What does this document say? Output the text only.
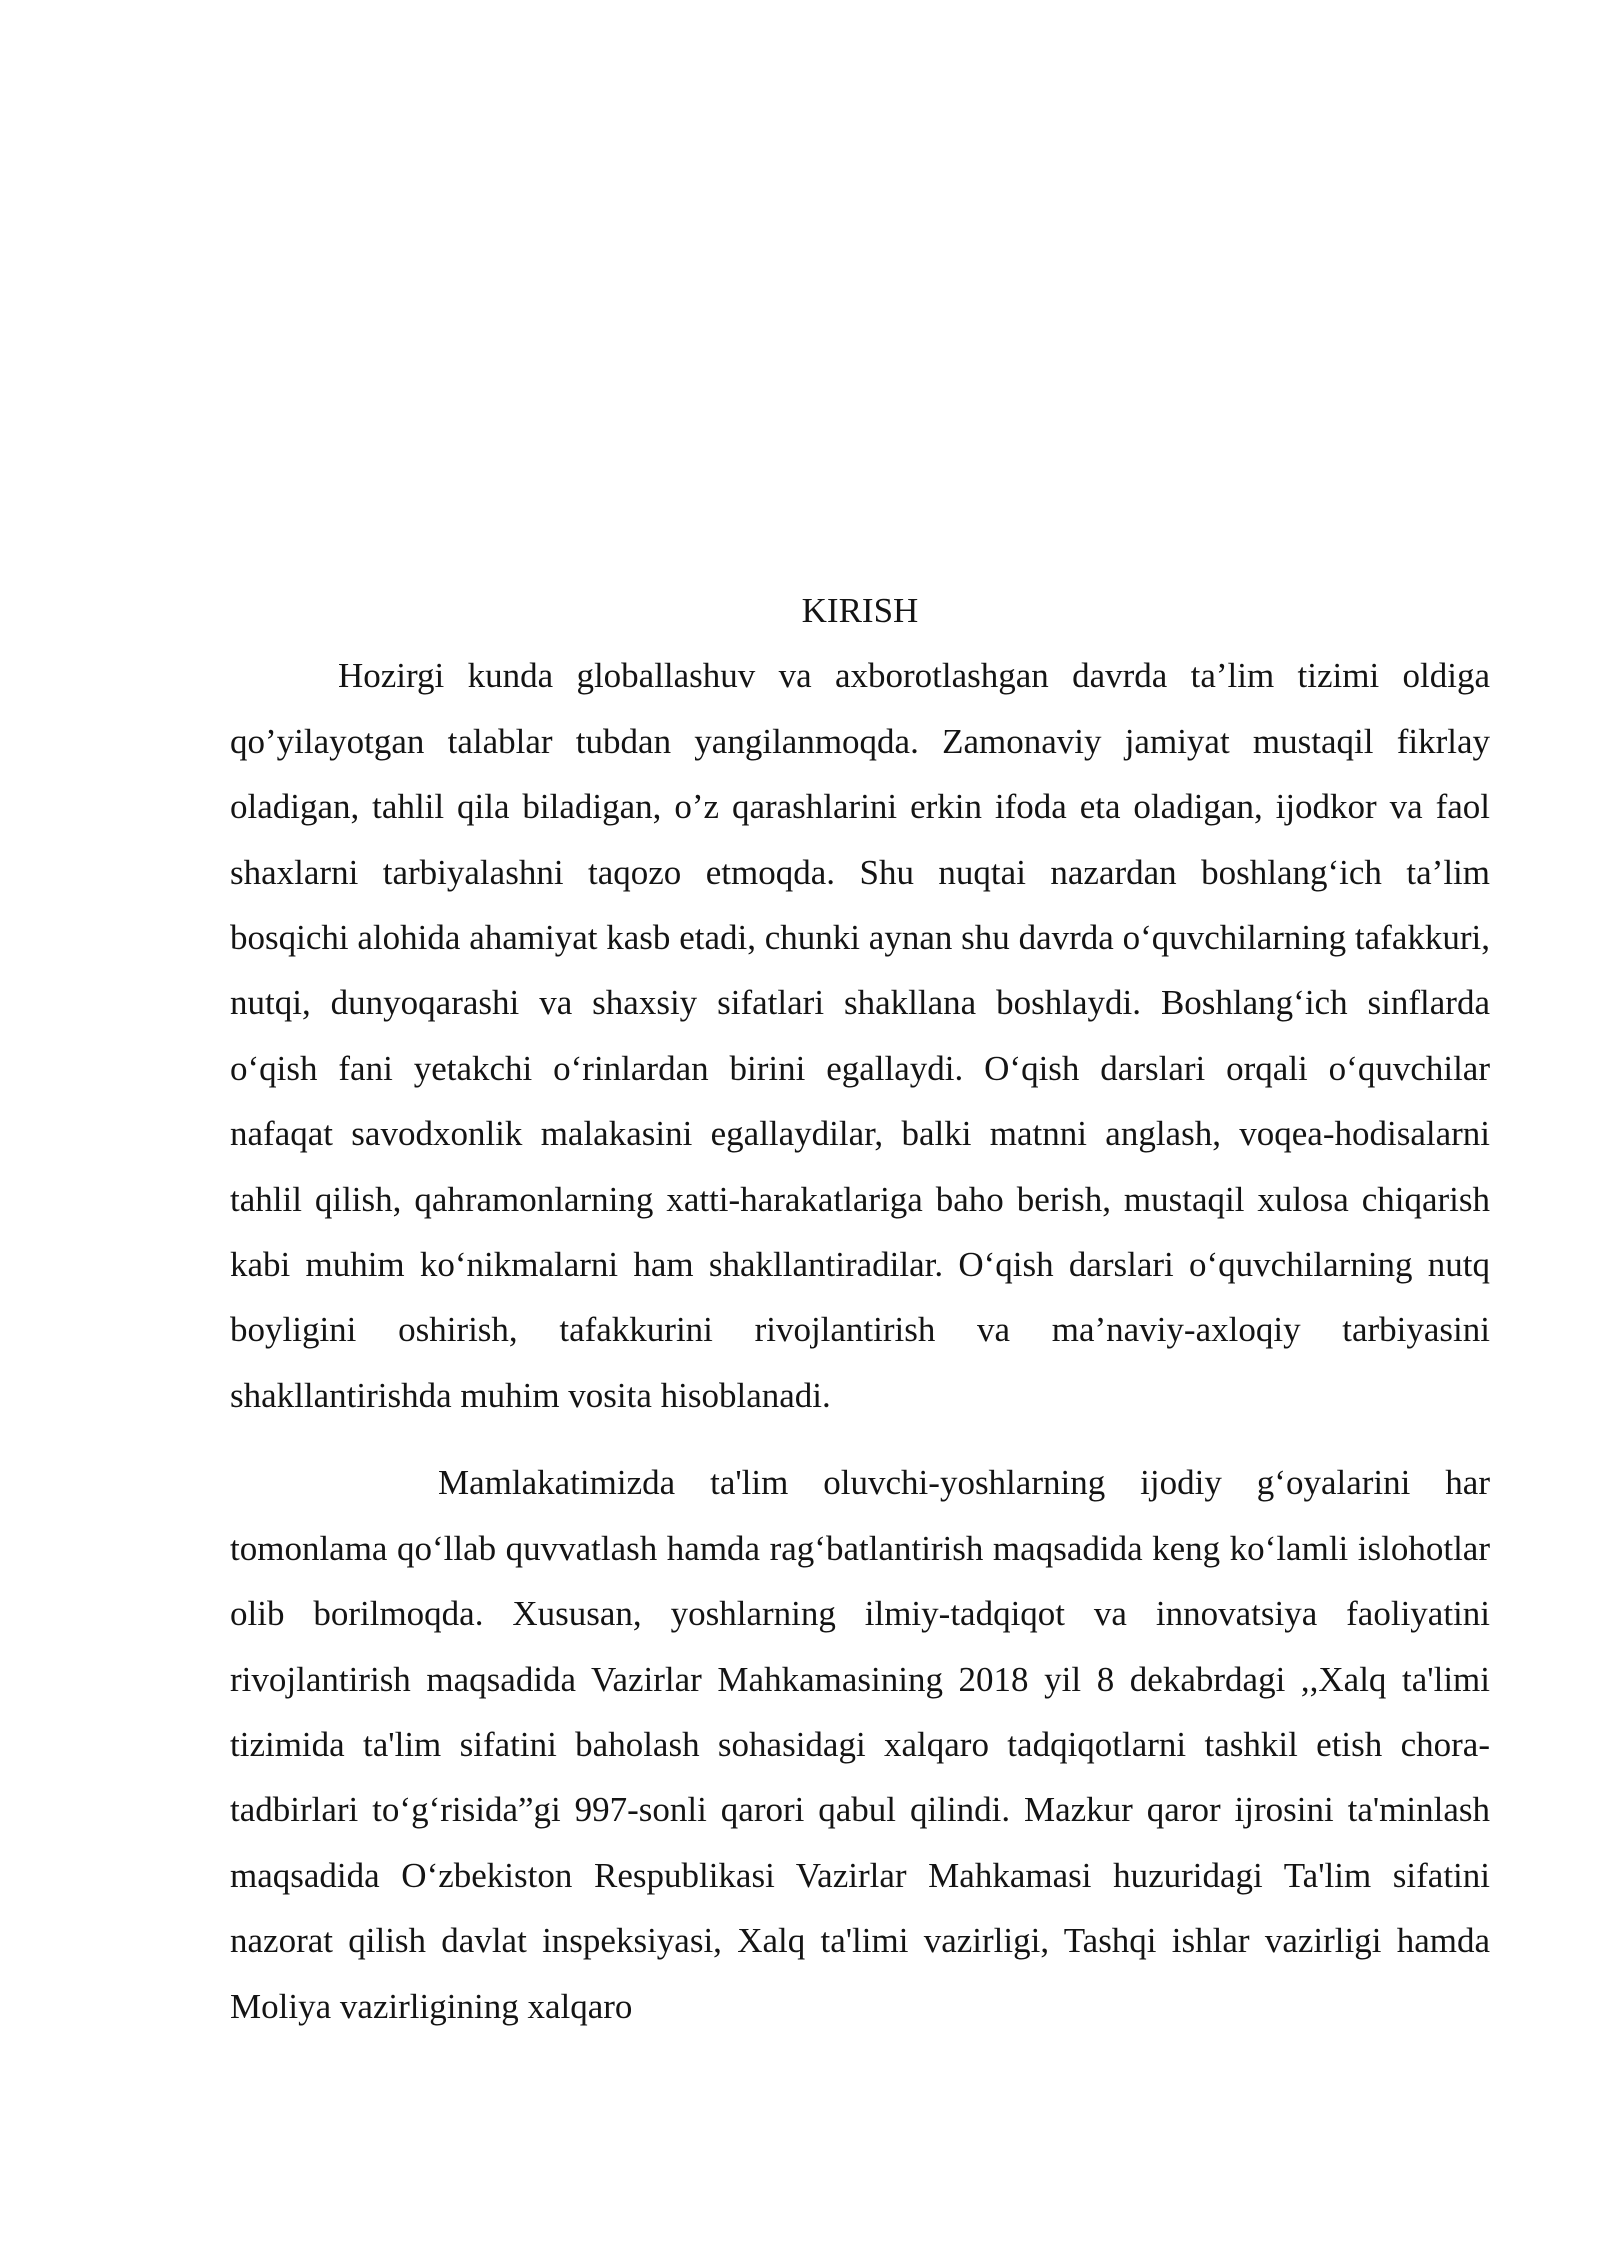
KIRISH

Hozirgi kunda globallashuv va axborotlashgan davrda ta’lim tizimi oldiga qo’yilayotgan talablar tubdan yangilanmoqda. Zamonaviy jamiyat mustaqil fikrlay oladigan, tahlil qila biladigan, o’z qarashlarini erkin ifoda eta oladigan, ijodkor va faol shaxlarni tarbiyalashni taqozo etmoqda. Shu nuqtai nazardan boshlang‘ich ta’lim bosqichi alohida ahamiyat kasb etadi, chunki aynan shu davrda o‘quvchilarning tafakkuri, nutqi, dunyoqarashi va shaxsiy sifatlari shakllana boshlaydi. Boshlang‘ich sinflarda o‘qish fani yetakchi o‘rinlardan birini egallaydi. O‘qish darslari orqali o‘quvchilar nafaqat savodxonlik malakasini egallaydilar, balki matnni anglash, voqea-hodisalarni tahlil qilish, qahramonlarning xatti-harakatlariga baho berish, mustaqil xulosa chiqarish kabi muhim ko‘nikmalarni ham shakllantiradilar. O‘qish darslari o‘quvchilarning nutq boyligini oshirish, tafakkurini rivojlantirish va ma’naviy-axloqiy tarbiyasini shakllantirishda muhim vosita hisoblanadi.

Mamlakatimizda ta'lim oluvchi-yoshlarning ijodiy g‘oyalarini har tomonlama qo‘llab quvvatlash hamda rag‘batlantirish maqsadida keng ko‘lamli islohotlar olib borilmoqda. Xususan, yoshlarning ilmiy-tadqiqot va innovatsiya faoliyatini rivojlantirish maqsadida Vazirlar Mahkamasining 2018 yil 8 dekabrdagi ,,Xalq ta'limi tizimida ta'lim sifatini baholash sohasidagi xalqaro tadqiqotlarni tashkil etish chora-tadbirlari to‘g‘risida”gi 997-sonli qarori qabul qilindi. Mazkur qaror ijrosini ta'minlash maqsadida O‘zbekiston Respublikasi Vazirlar Mahkamasi huzuridagi Ta'lim sifatini nazorat qilish davlat inspeksiyasi, Xalq ta'limi vazirligi, Tashqi ishlar vazirligi hamda Moliya vazirligining xalqaro
